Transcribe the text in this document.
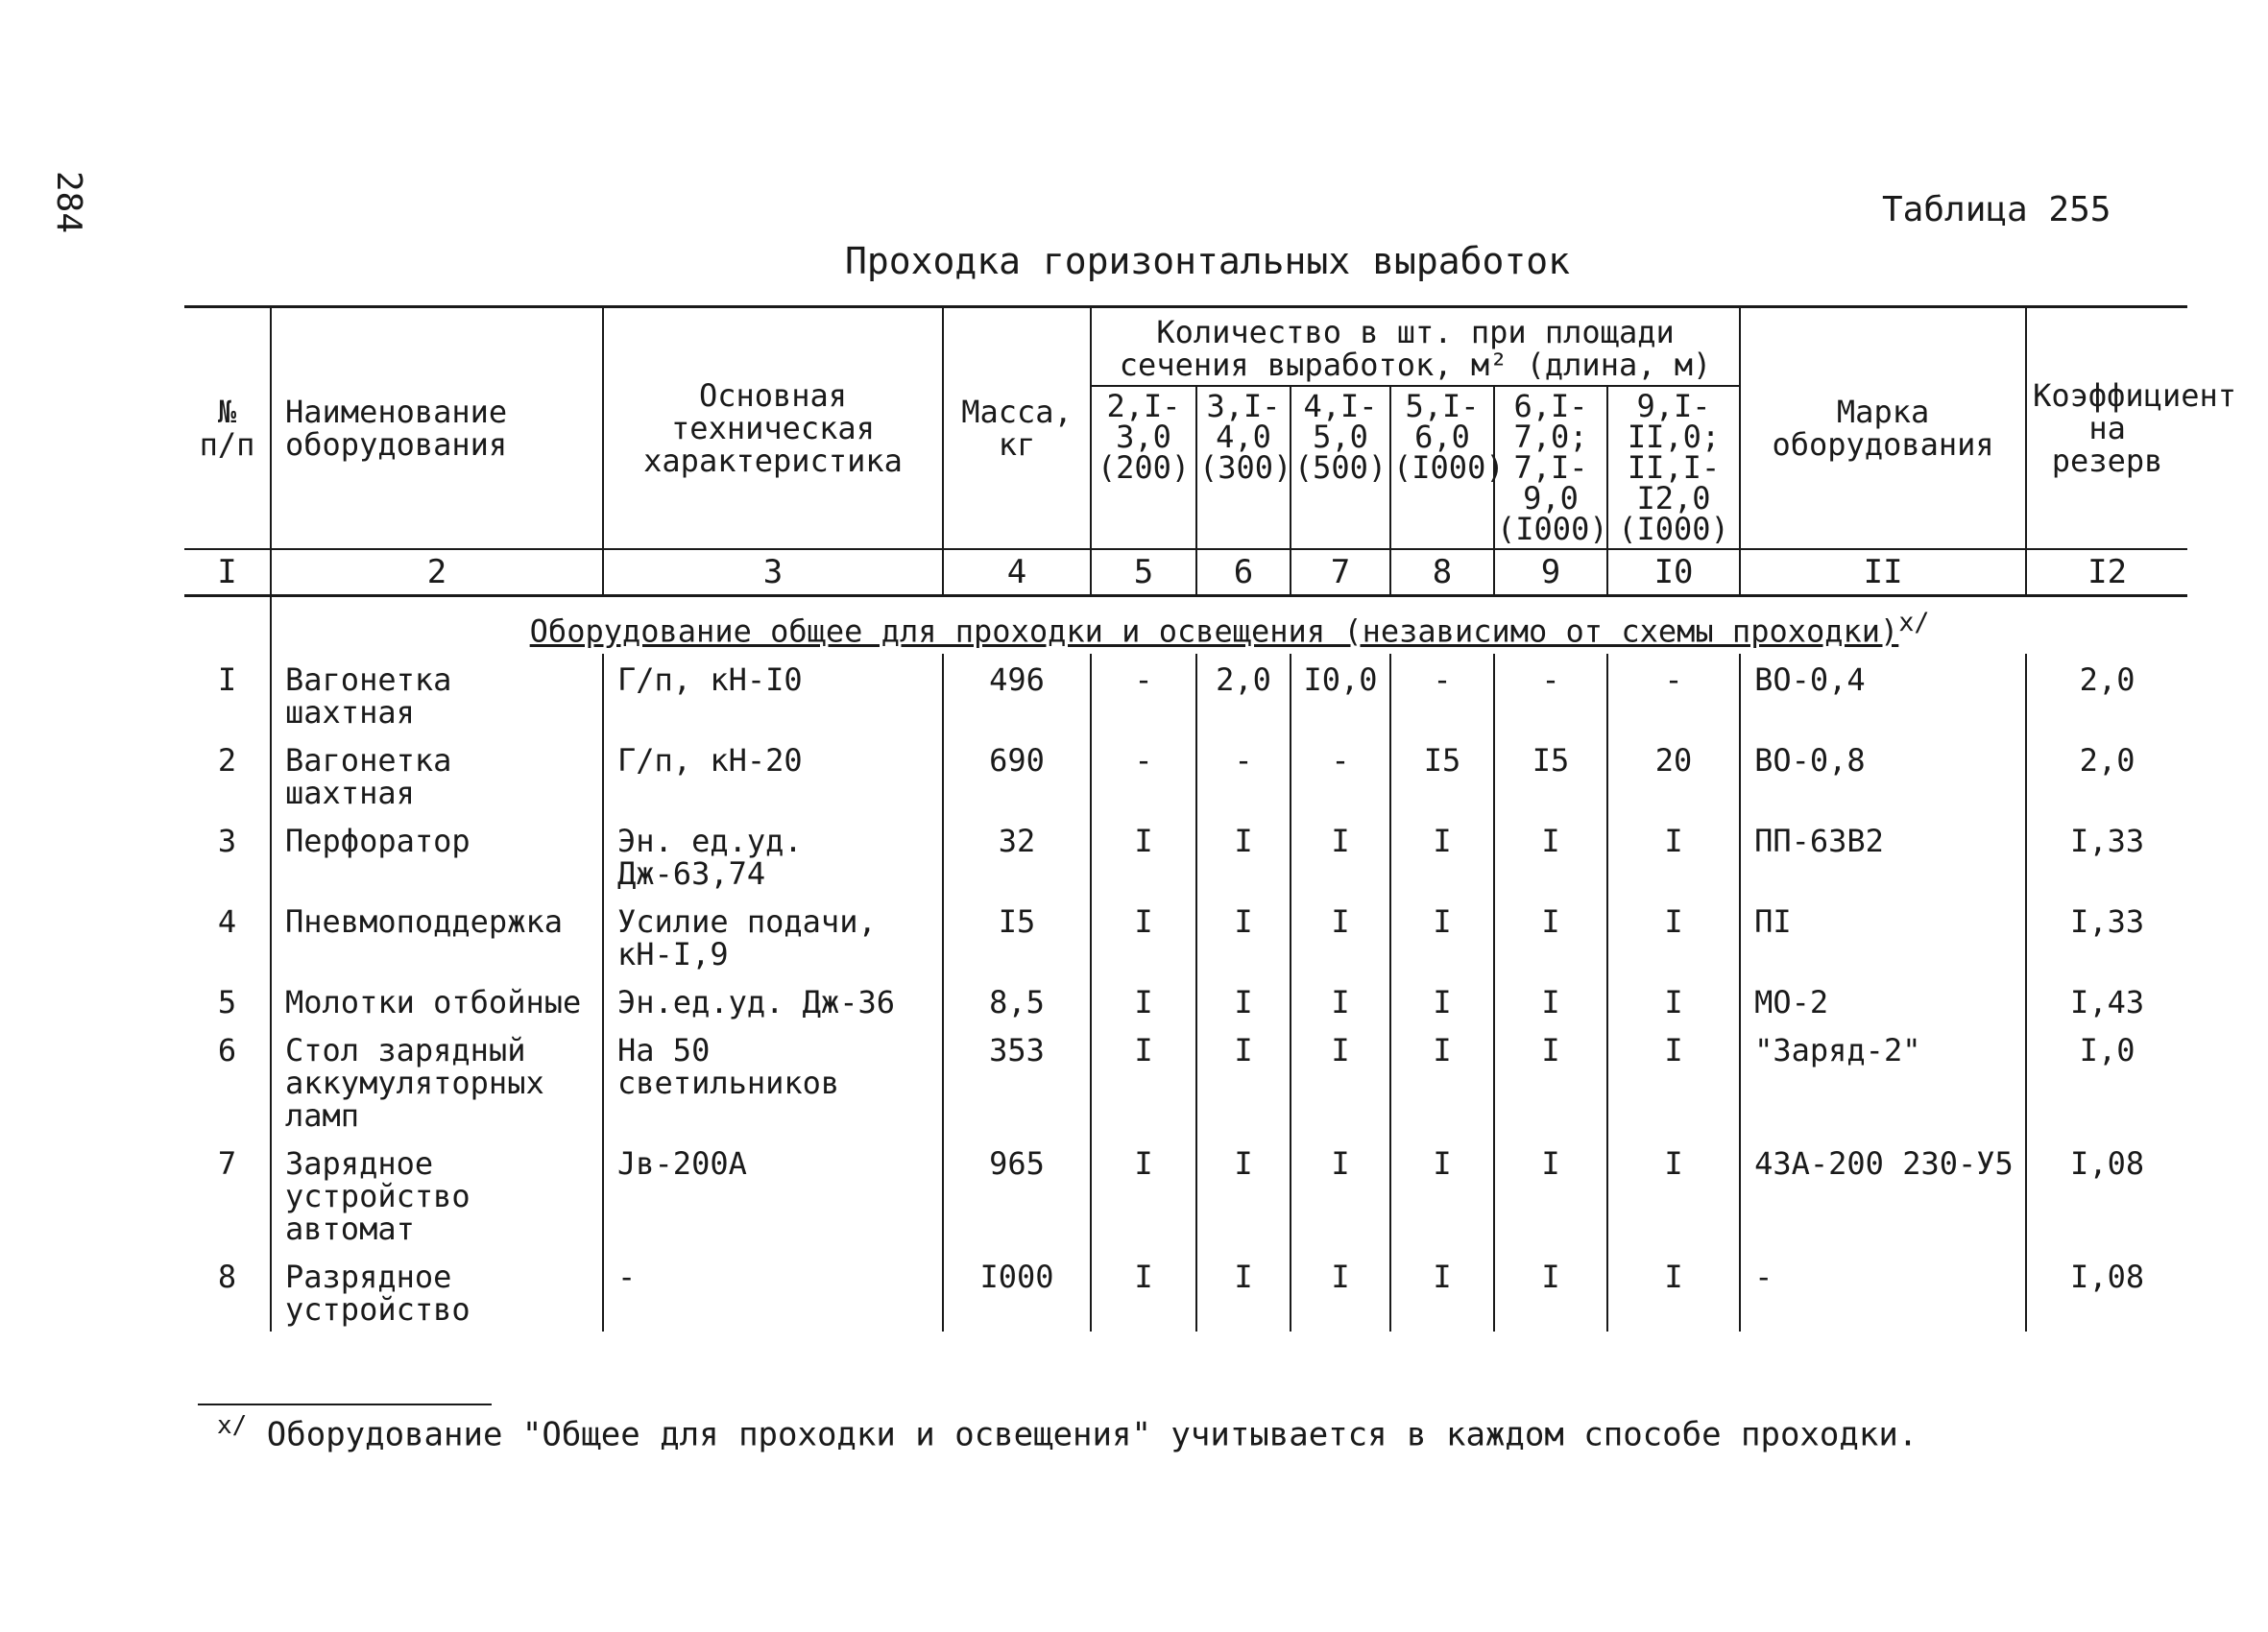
284	Таблица 255
Проходка горизонтальных выработок
№ п/п	Наименование оборудования	Основная техническая характеристика	Масса, кг	Количество в шт. при площади сечения выработок, м² (длина, м)						Марка оборудования	Коэффициент на резерв
				2,I-3,0 (200)	3,I-4,0 (300)	4,I-5,0 (500)	5,I-6,0 (I000)	6,I-7,0; 7,I-9,0 (I000)	9,I-II,0; II,I-I2,0 (I000)		
I	2	3	4	5	6	7	8	9	I0	II	I2
	Оборудование общее для проходки и освещения (независимо от схемы проходки)$^{x/}$
I	Вагонетка шахтная	Г/п, кН-I0	496	-	2,0	I0,0	-	-	-	ВО-0,4	2,0
2	Вагонетка шахтная	Г/п, кН-20	690	-	-	-	I5	I5	20	ВО-0,8	2,0
3	Перфоратор	Эн. ед.уд. Дж-63,74	32	I	I	I	I	I	I	ПП-63В2	I,33
4	Пневмоподдержка	Усилие подачи, кН-I,9	I5	I	I	I	I	I	I	ПI	I,33
5	Молотки отбойные	Эн.ед.уд. Дж-36	8,5	I	I	I	I	I	I	МО-2	I,43
6	Стол зарядный аккумуляторных ламп	На 50 светильников	353	I	I	I	I	I	I	"Заряд-2"	I,0
7	Зарядное устройство автомат	Jв-200А	965	I	I	I	I	I	I	43А-200 230-У5	I,08
8	Разрядное устройство	-	I000	I	I	I	I	I	I	-	I,08
$^{x/}$ Оборудование "Общее для проходки и освещения" учитывается в каждом способе проходки.
